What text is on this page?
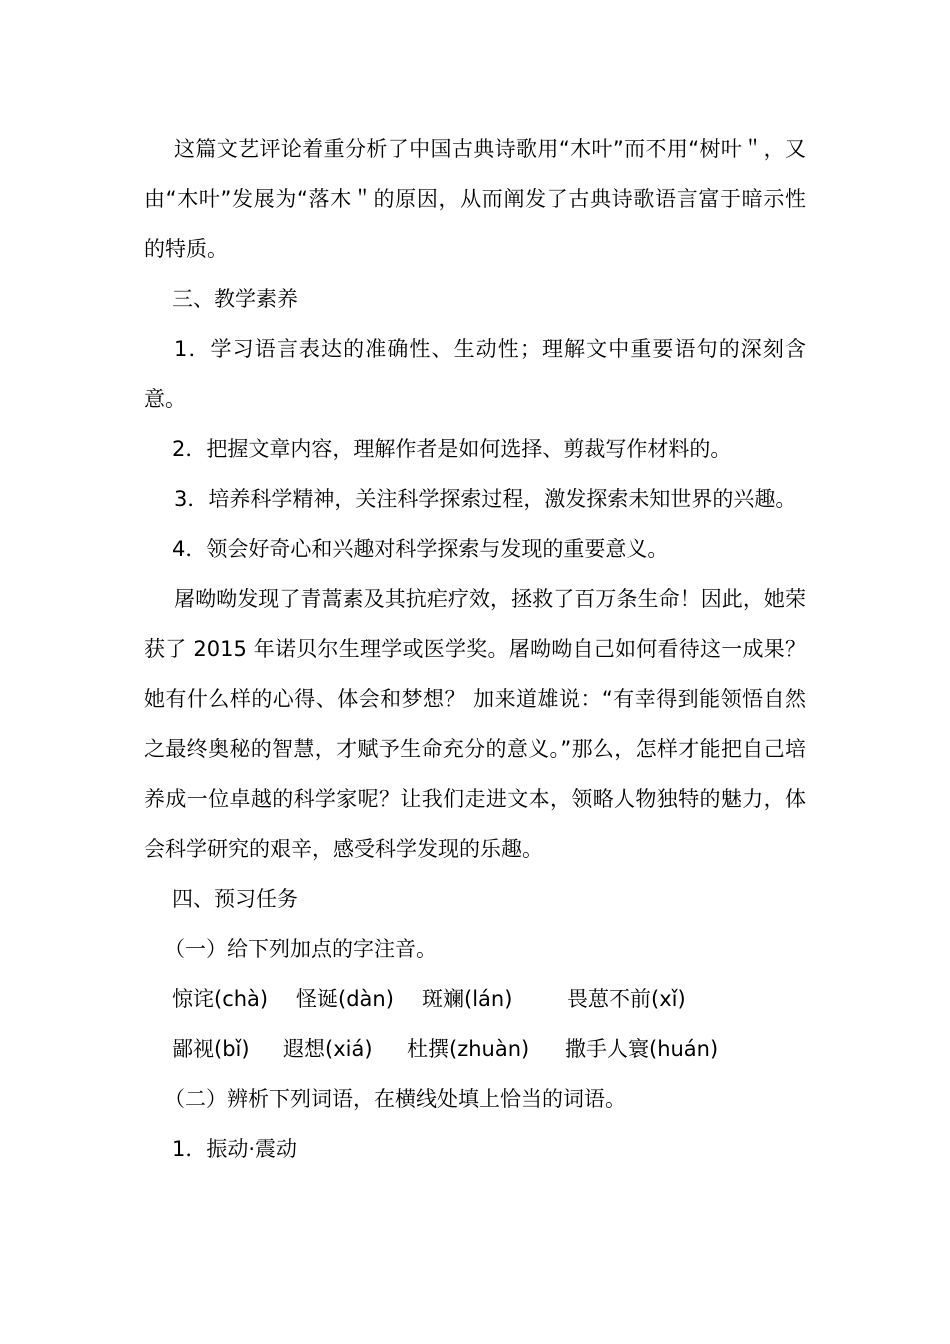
这篇文艺评论着重分析了中国古典诗歌用“木叶”而不用“树叶＂，又由“木叶”发展为“落木＂的原因，从而阐发了古典诗歌语言富于暗示性的特质。

三、教学素养

1．学习语言表达的准确性、生动性；理解文中重要语句的深刻含意。

2．把握文章内容，理解作者是如何选择、剪裁写作材料的。

3．培养科学精神，关注科学探索过程，激发探索未知世界的兴趣。

4．领会好奇心和兴趣对科学探索与发现的重要意义。

屠呦呦发现了青蒿素及其抗疟疗效，拯救了百万条生命！因此，她荣获了 2015 年诺贝尔生理学或医学奖。屠呦呦自己如何看待这一成果？ 她有什么样的心得、体会和梦想？ 加来道雄说：“有幸得到能领悟自然之最终奥秘的智慧，才赋予生命充分的意义。”那么，怎样才能把自己培养成一位卓越的科学家呢？让我们走进文本，领略人物独特的魅力，体会科学研究的艰辛，感受科学发现的乐趣。

四、预习任务

（一）给下列加点的字注音。

惊诧(chà) 怪诞(dàn) 斑斓(lán)	畏葸不前(xǐ)
鄙视(bǐ) 遐想(xiá) 杜撰(zhuàn) 撒手人寰(huán)

（二）辨析下列词语，在横线处填上恰当的词语。

1．振动·震动
